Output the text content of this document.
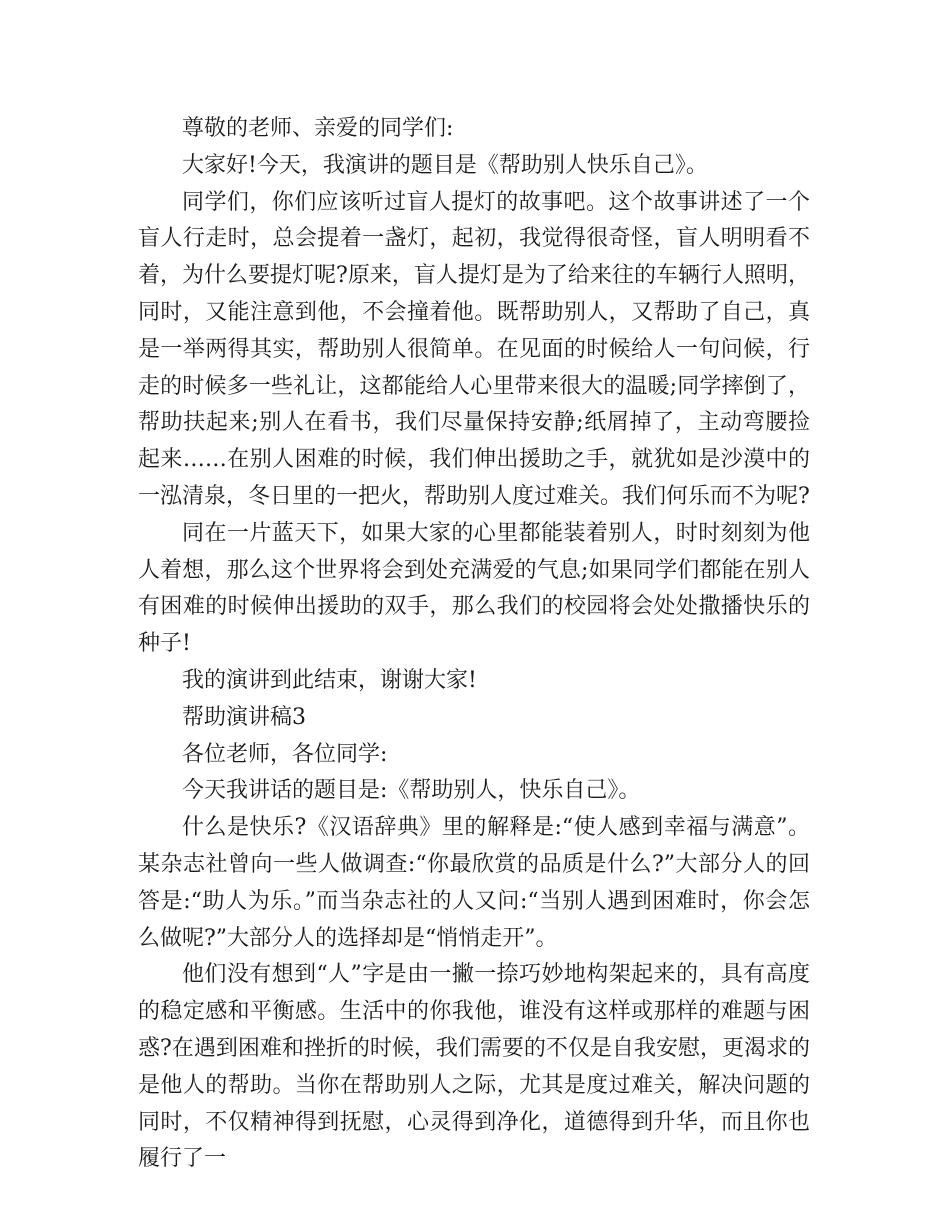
尊敬的老师、亲爱的同学们:

大家好!今天，我演讲的题目是《帮助别人快乐自己》。

同学们，你们应该听过盲人提灯的故事吧。这个故事讲述了一个盲人行走时，总会提着一盏灯，起初，我觉得很奇怪，盲人明明看不着，为什么要提灯呢?原来，盲人提灯是为了给来往的车辆行人照明，同时，又能注意到他，不会撞着他。既帮助别人，又帮助了自己，真是一举两得其实，帮助别人很简单。在见面的时候给人一句问候，行走的时候多一些礼让，这都能给人心里带来很大的温暖;同学摔倒了，帮助扶起来;别人在看书，我们尽量保持安静;纸屑掉了，主动弯腰捡起来……在别人困难的时候，我们伸出援助之手，就犹如是沙漠中的一泓清泉，冬日里的一把火，帮助别人度过难关。我们何乐而不为呢?

同在一片蓝天下，如果大家的心里都能装着别人，时时刻刻为他人着想，那么这个世界将会到处充满爱的气息;如果同学们都能在别人有困难的时候伸出援助的双手，那么我们的校园将会处处撒播快乐的种子!

我的演讲到此结束，谢谢大家!

帮助演讲稿3

各位老师，各位同学:

今天我讲话的题目是:《帮助别人，快乐自己》。

什么是快乐?《汉语辞典》里的解释是:“使人感到幸福与满意”。某杂志社曾向一些人做调查:“你最欣赏的品质是什么?”大部分人的回答是:“助人为乐。”而当杂志社的人又问:“当别人遇到困难时，你会怎么做呢?”大部分人的选择却是“悄悄走开”。

他们没有想到“人”字是由一撇一捺巧妙地构架起来的，具有高度的稳定感和平衡感。生活中的你我他，谁没有这样或那样的难题与困惑?在遇到困难和挫折的时候，我们需要的不仅是自我安慰，更渴求的是他人的帮助。当你在帮助别人之际，尤其是度过难关，解决问题的同时，不仅精神得到抚慰，心灵得到净化，道德得到升华，而且你也履行了一
